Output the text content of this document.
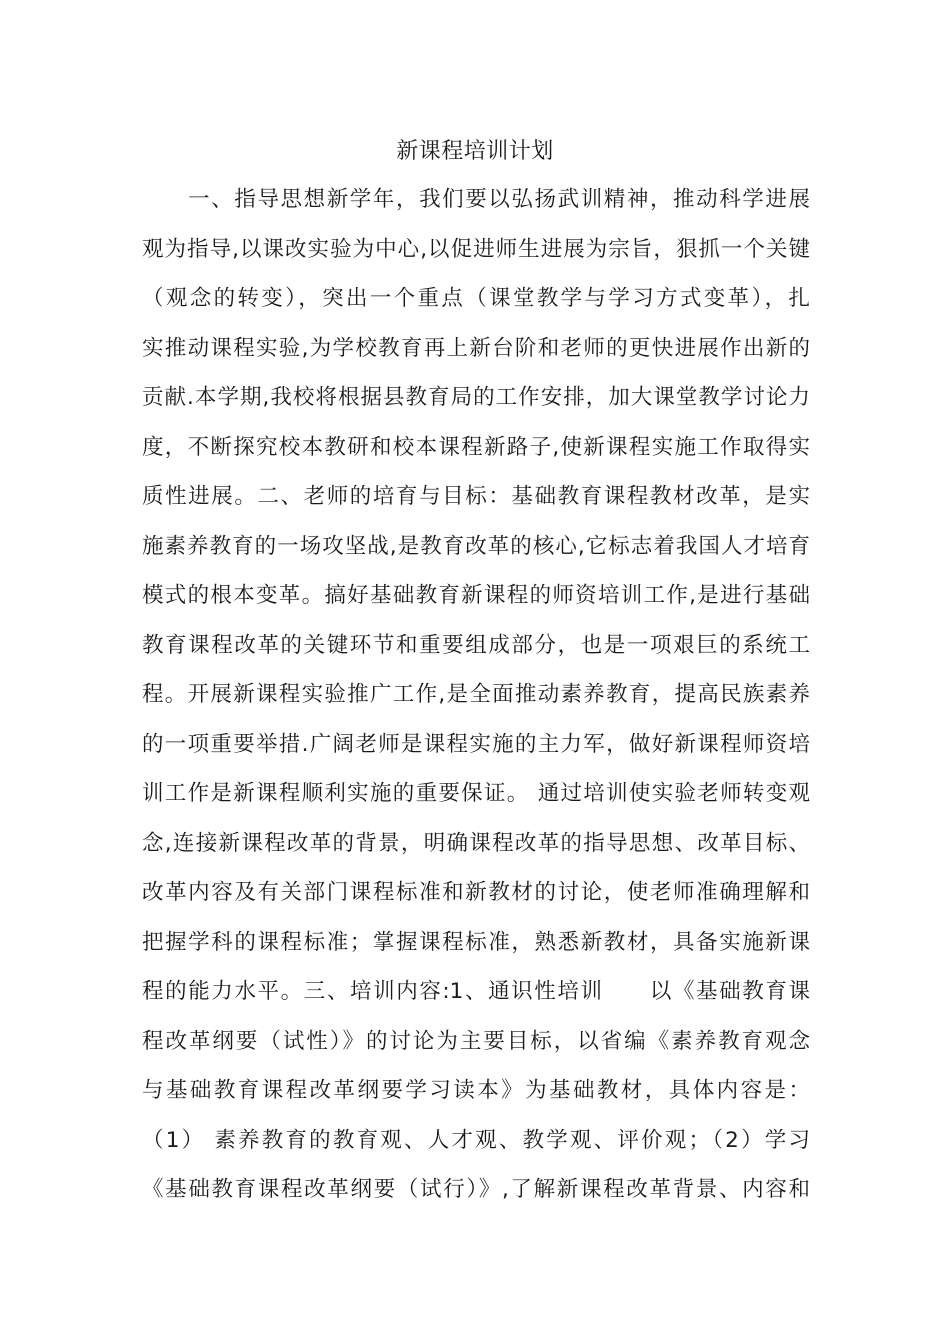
新课程培训计划
　　一、指导思想新学年，我们要以弘扬武训精神，推动科学进展
观为指导,以课改实验为中心,以促进师生进展为宗旨，狠抓一个关键
（观念的转变），突出一个重点（课堂教学与学习方式变革），扎
实推动课程实验,为学校教育再上新台阶和老师的更快进展作出新的
贡献.本学期,我校将根据县教育局的工作安排，加大课堂教学讨论力
度，不断探究校本教研和校本课程新路子,使新课程实施工作取得实
质性进展。二、老师的培育与目标：基础教育课程教材改革，是实
施素养教育的一场攻坚战,是教育改革的核心,它标志着我国人才培育
模式的根本变革。搞好基础教育新课程的师资培训工作,是进行基础
教育课程改革的关键环节和重要组成部分，也是一项艰巨的系统工
程。开展新课程实验推广工作,是全面推动素养教育，提高民族素养
的一项重要举措.广阔老师是课程实施的主力军，做好新课程师资培
训工作是新课程顺利实施的重要保证。 通过培训使实验老师转变观
念,连接新课程改革的背景，明确课程改革的指导思想、改革目标、
改革内容及有关部门课程标准和新教材的讨论，使老师准确理解和
把握学科的课程标准；掌握课程标准，熟悉新教材，具备实施新课
程的能力水平。三、培训内容:1、通识性培训　　以《基础教育课
程改革纲要（试性）》的讨论为主要目标，以省编《素养教育观念
与基础教育课程改革纲要学习读本》为基础教材，具体内容是：
（1） 素养教育的教育观、人才观、教学观、评价观；（2）学习
《基础教育课程改革纲要（试行）》,了解新课程改革背景、内容和
